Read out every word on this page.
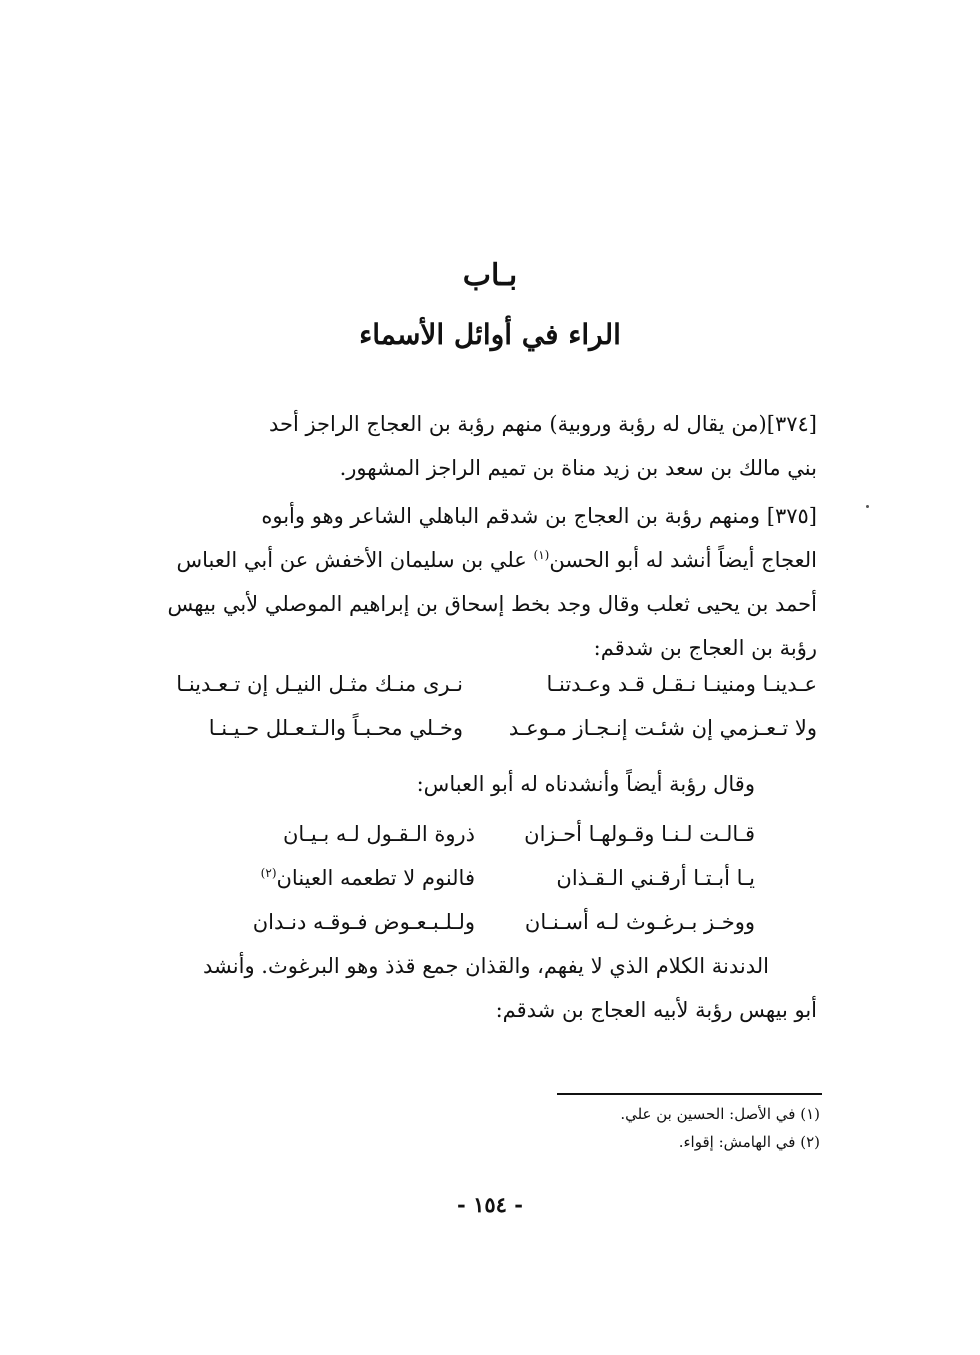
بـاب
الراء في أوائل الأسماء
[٣٧٤](من يقال له رؤبة وروبية) منهم رؤبة بن العجاج الراجز أحد
بني مالك بن سعد بن زيد مناة بن تميم الراجز المشهور.
[٣٧٥] ومنهم رؤبة بن العجاج بن شدقم الباهلي الشاعر وهو وأبوه
العجاج أيضاً أنشد له أبو الحسن$^{(١)}$ علي بن سليمان الأخفش عن أبي العباس
أحمد بن يحيى ثعلب وقال وجد بخط إسحاق بن إبراهيم الموصلي لأبي بيهس
رؤبة بن العجاج بن شدقم:
عـدينـا ومنينـا نـقـل قـد وعـدتنـا
نـرى منـك مثـل النيـل إن تـعـدينـا
ولا تـعـزمي إن شئـت إنـجـاز مـوعـد
وخـلي محـبـاً والـتـعـلل حـيـنـا
وقال رؤبة أيضاً وأنشدناه له أبو العباس:
قـالـت لـنـا وقـولهـا أحـزان
ذروة الـقـول لـه بـيـان
يـا أبـتـا أرقـني الـقـذان
فالنوم لا تطعمه العينان$^{(٢)}$
ووخـز بـرغـوث لـه أسـنـان
ولـلـبـعـوض فـوقـه دنـدان
الدندنة الكلام الذي لا يفهم، والقذان جمع قذذ وهو البرغوث. وأنشد
أبو بيهس رؤبة لأبيه العجاج بن شدقم:
(١) في الأصل: الحسين بن علي.
(٢) في الهامش: إقواء.
- ١٥٤ -
